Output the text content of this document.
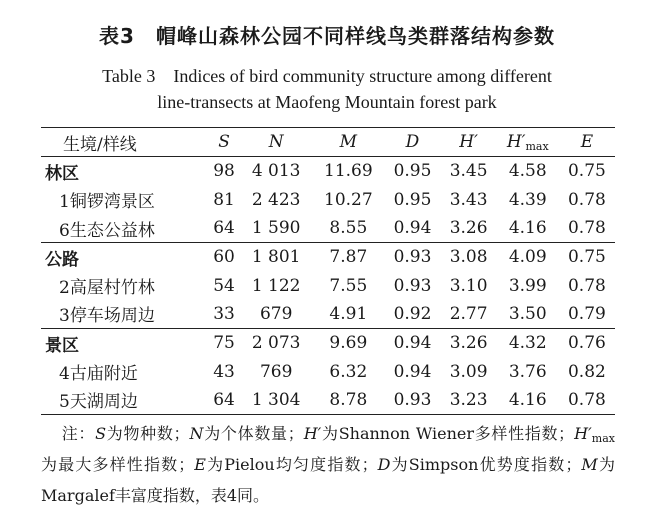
表3　帽峰山森林公园不同样线鸟类群落结构参数
Table 3　Indices of bird community structure among different
line-transects at Maofeng Mountain forest park
生境/样线	S	N	M	D	H′	$H'_{max}$	E
林区	98	4 013	11.69	0.95	3.45	4.58	0.75
1铜锣湾景区	81	2 423	10.27	0.95	3.43	4.39	0.78
6生态公益林	64	1 590	8.55	0.94	3.26	4.16	0.78
公路	60	1 801	7.87	0.93	3.08	4.09	0.75
2高屋村竹林	54	1 122	7.55	0.93	3.10	3.99	0.78
3停车场周边	33	679	4.91	0.92	2.77	3.50	0.79
景区	75	2 073	9.69	0.94	3.26	4.32	0.76
4古庙附近	43	769	6.32	0.94	3.09	3.76	0.82
5天湖周边	64	1 304	8.78	0.93	3.23	4.16	0.78
注：S为物种数；N为个体数量；H′为Shannon Wiener多样性指数；$H'_{max}$为最大多样性指数；E为Pielou均匀度指数；D为Simpson优势度指数；M为Margalef丰富度指数，表4同。
